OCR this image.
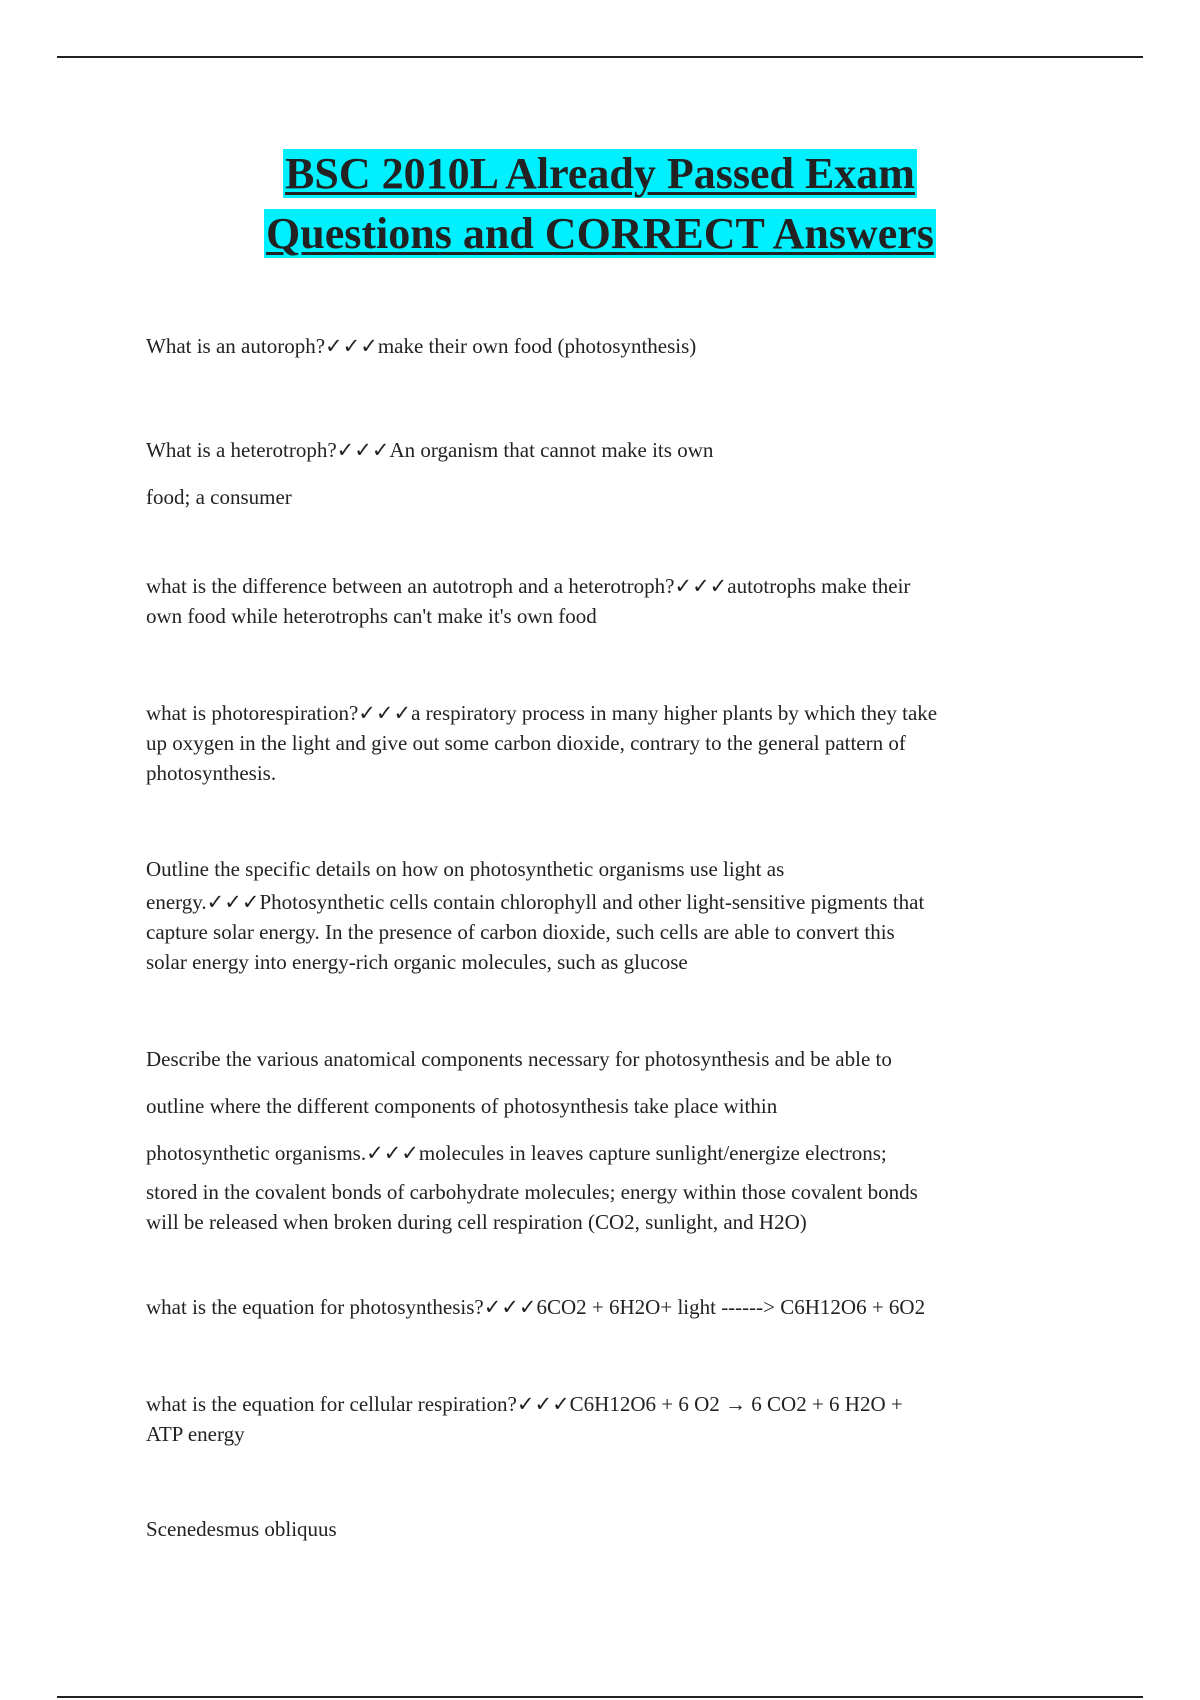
BSC 2010L Already Passed Exam
Questions and CORRECT Answers
What is an autoroph?✓✓✓make their own food (photosynthesis)
What is a heterotroph?✓✓✓An organism that cannot make its own
food; a consumer
what is the difference between an autotroph and a heterotroph?✓✓✓autotrophs make their
own food while heterotrophs can't make it's own food
what is photorespiration?✓✓✓a respiratory process in many higher plants by which they take
up oxygen in the light and give out some carbon dioxide, contrary to the general pattern of
photosynthesis.
Outline the specific details on how on photosynthetic organisms use light as
energy.✓✓✓Photosynthetic cells contain chlorophyll and other light-sensitive pigments that
capture solar energy. In the presence of carbon dioxide, such cells are able to convert this
solar energy into energy-rich organic molecules, such as glucose
Describe the various anatomical components necessary for photosynthesis and be able to
outline where the different components of photosynthesis take place within
photosynthetic organisms.✓✓✓molecules in leaves capture sunlight/energize electrons;
stored in the covalent bonds of carbohydrate molecules; energy within those covalent bonds
will be released when broken during cell respiration (CO2, sunlight, and H2O)
what is the equation for photosynthesis?✓✓✓6CO2 + 6H2O+ light ------> C6H12O6 + 6O2
what is the equation for cellular respiration?✓✓✓C6H12O6 + 6 O2 → 6 CO2 + 6 H2O +
ATP energy
Scenedesmus obliquus
